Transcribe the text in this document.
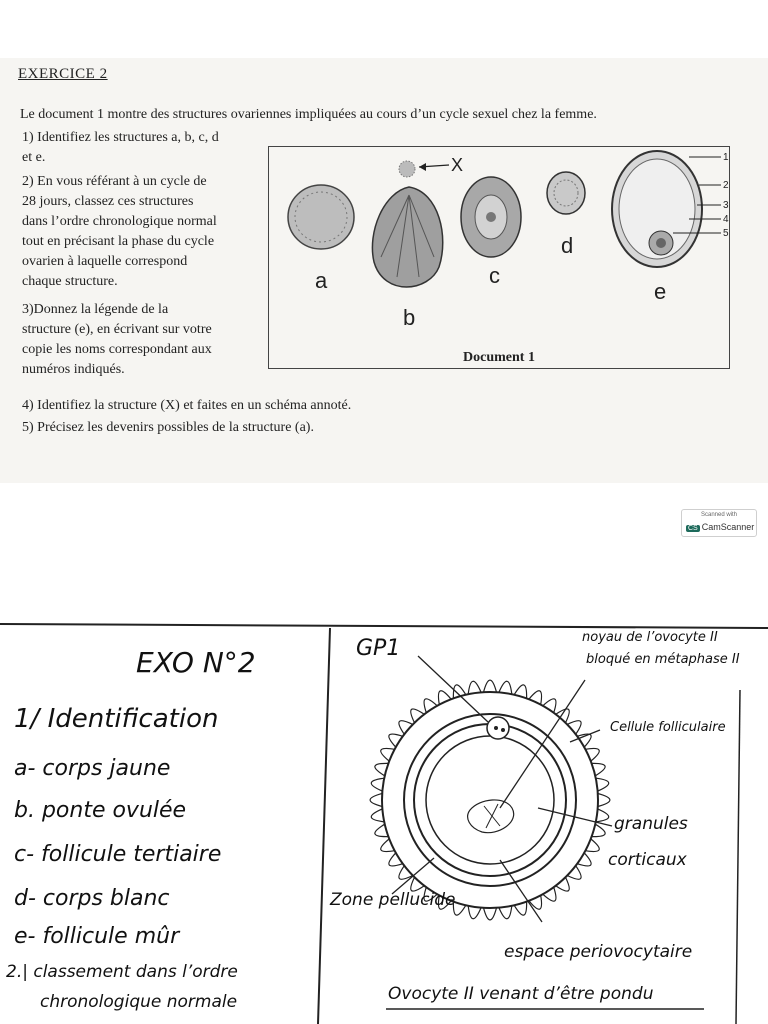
EXERCICE 2
Le document 1 montre des structures ovariennes impliquées au cours d’un cycle sexuel chez la femme.
1) Identifiez les structures a, b, c, d
et e.
2) En vous référant à un cycle de
28 jours, classez ces structures
dans l’ordre chronologique normal
tout en précisant la phase du cycle
ovarien à laquelle correspond
chaque structure.
3)Donnez la légende de la
structure (e), en écrivant sur votre
copie les noms correspondant aux
numéros indiqués.
4) Identifiez la structure (X) et faites en un schéma annoté.
5) Précisez les devenirs possibles de la structure (a).
a
b
c
d
e
X	1
2
3
4
5
Document 1
Scanned with
CS CamScanner
EXO N°2
1/ Identification
a- corps jaune
b. ponte ovulée
c- follicule tertiaire
d- corps blanc
e- follicule mûr
2.| classement dans l’ordre
chronologique normale
GP1	noyau de l’ovocyte II
bloqué en métaphase II
Cellule folliculaire
granules
corticaux
Zone pellucide
espace periovocytaire
Ovocyte II venant d’être pondu
